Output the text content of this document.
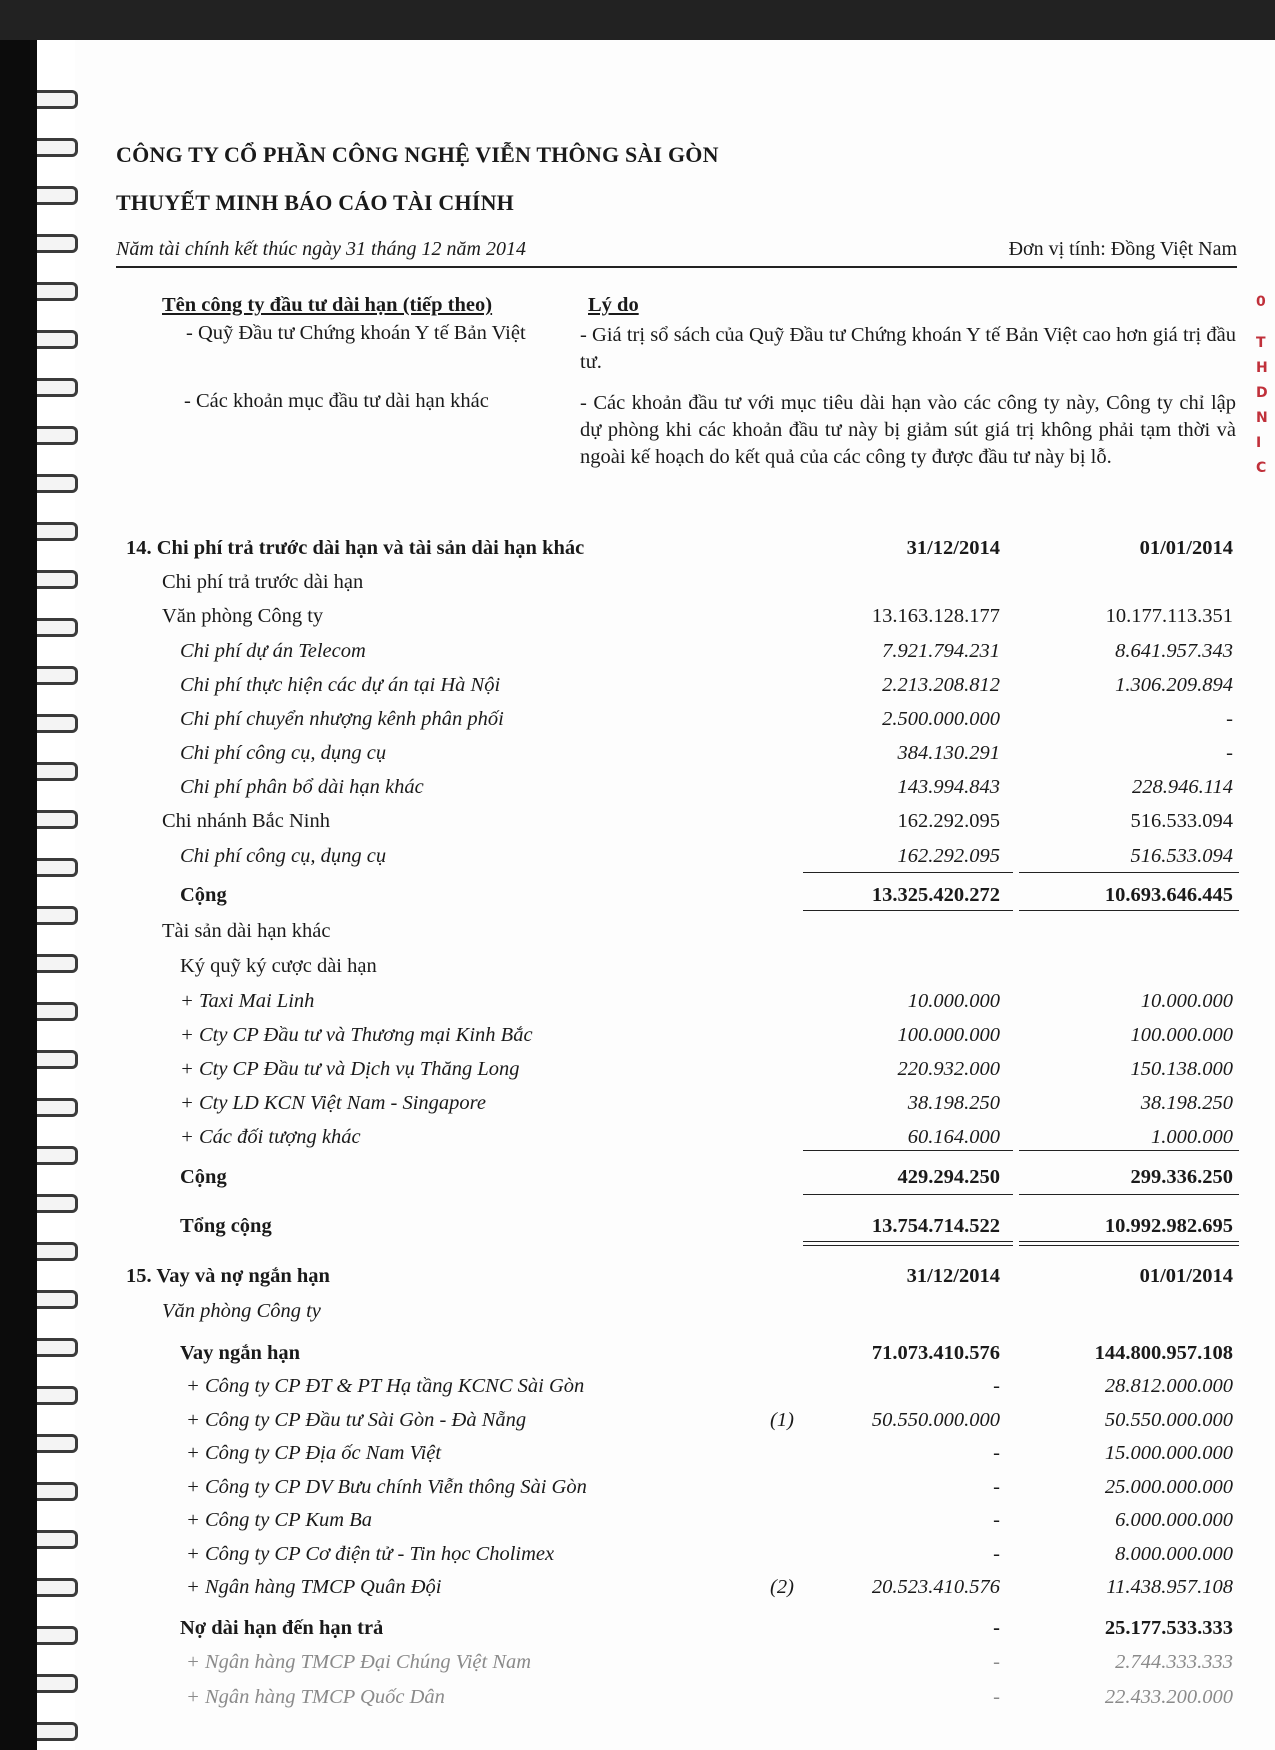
CÔNG TY CỔ PHẦN CÔNG NGHỆ VIỄN THÔNG SÀI GÒN
THUYẾT MINH BÁO CÁO TÀI CHÍNH
Năm tài chính kết thúc ngày 31 tháng 12 năm 2014	Đơn vị tính: Đồng Việt Nam
Tên công ty đầu tư dài hạn (tiếp theo)	Lý do
- Quỹ Đầu tư Chứng khoán Y tế Bản Việt	- Giá trị sổ sách của Quỹ Đầu tư Chứng khoán Y tế Bản Việt cao hơn giá trị đầu tư.
- Các khoản mục đầu tư dài hạn khác	- Các khoản đầu tư với mục tiêu dài hạn vào các công ty này, Công ty chỉ lập dự phòng khi các khoản đầu tư này bị giảm sút giá trị không phải tạm thời và ngoài kế hoạch do kết quả của các công ty được đầu tư này bị lỗ.
14. Chi phí trả trước dài hạn và tài sản dài hạn khác	31/12/2014	01/01/2014
Chi phí trả trước dài hạn
Văn phòng Công ty	13.163.128.177	10.177.113.351
Chi phí dự án Telecom	7.921.794.231	8.641.957.343
Chi phí thực hiện các dự án tại Hà Nội	2.213.208.812	1.306.209.894
Chi phí chuyển nhượng kênh phân phối	2.500.000.000	-
Chi phí công cụ, dụng cụ	384.130.291	-
Chi phí phân bổ dài hạn khác	143.994.843	228.946.114
Chi nhánh Bắc Ninh	162.292.095	516.533.094
Chi phí công cụ, dụng cụ	162.292.095	516.533.094
Cộng	13.325.420.272	10.693.646.445
Tài sản dài hạn khác
Ký quỹ ký cược dài hạn
+ Taxi Mai Linh	10.000.000	10.000.000
+ Cty CP Đầu tư và Thương mại Kinh Bắc	100.000.000	100.000.000
+ Cty CP Đầu tư và Dịch vụ Thăng Long	220.932.000	150.138.000
+ Cty LD KCN Việt Nam - Singapore	38.198.250	38.198.250
+ Các đối tượng khác	60.164.000	1.000.000
Cộng	429.294.250	299.336.250
Tổng cộng	13.754.714.522	10.992.982.695
15. Vay và nợ ngắn hạn	31/12/2014	01/01/2014
Văn phòng Công ty
Vay ngắn hạn	71.073.410.576	144.800.957.108
+ Công ty CP ĐT & PT Hạ tầng KCNC Sài Gòn	-	28.812.000.000
+ Công ty CP Đầu tư Sài Gòn - Đà Nẵng	(1)	50.550.000.000	50.550.000.000
+ Công ty CP Địa ốc Nam Việt	-	15.000.000.000
+ Công ty CP DV Bưu chính Viễn thông Sài Gòn	-	25.000.000.000
+ Công ty CP Kum Ba	-	6.000.000.000
+ Công ty CP Cơ điện tử - Tin học Cholimex	-	8.000.000.000
+ Ngân hàng TMCP Quân Đội	(2)	20.523.410.576	11.438.957.108
Nợ dài hạn đến hạn trả	-	25.177.533.333
+ Ngân hàng TMCP Đại Chúng Việt Nam	-	2.744.333.333
+ Ngân hàng TMCP Quốc Dân	-	22.433.200.000
0
T
H
D
N
I
C
